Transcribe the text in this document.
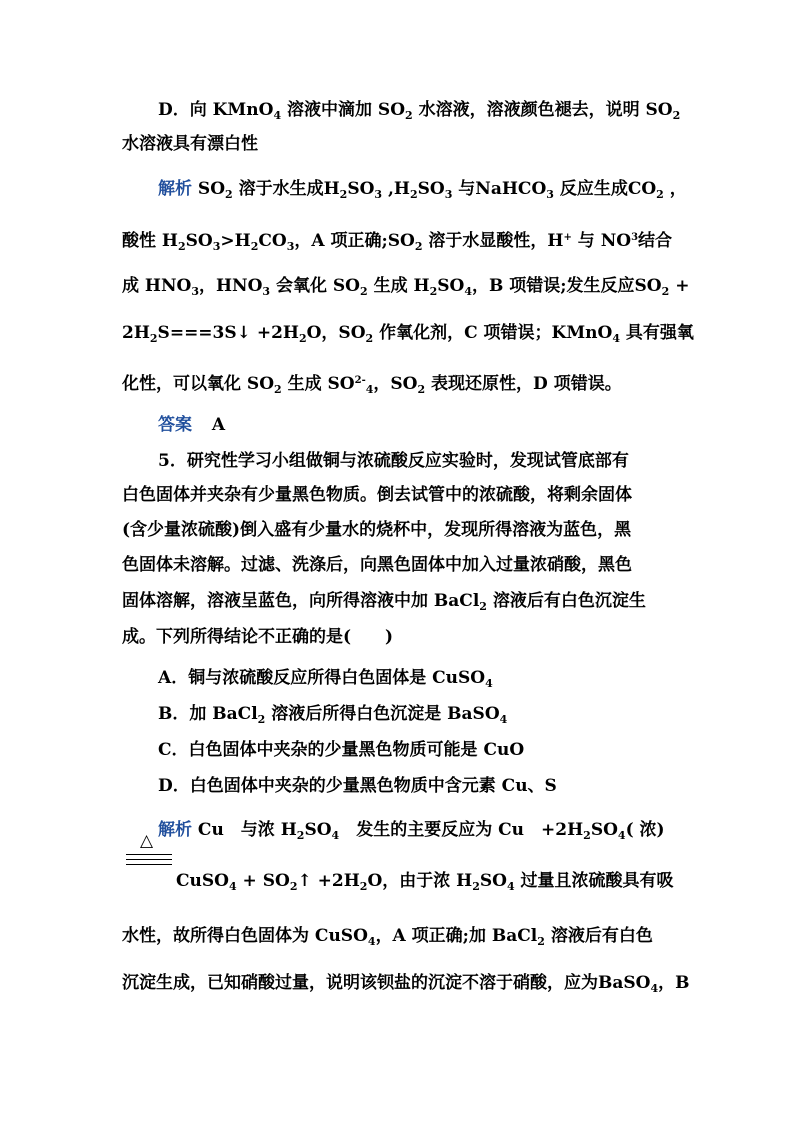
D．向 KMnO$_4$ 溶液中滴加 $SO_2$ 水溶液，溶液颜色褪去，说明 $SO_2$
水溶液具有漂白性
解析 $SO_2$ 溶于水生成$H_2SO_3$ $,H_2SO_3$ 与NaHCO$_3$ 反应生成$CO_2$ ，
酸性 $H_2SO_3>H_2CO_3$，A 项正确$;SO_2$ 溶于水显酸性，H+ 与 $NO^3$结合
成 $HNO_3$，$HNO_3$ 会氧化 $SO_2$ 生成 $H_2SO_4$，B 项错误;发生反应$SO_2$ +
$2H_2S===3S↓ +2H_2O$，$SO_2$ 作氧化剂，C 项错误；KMnO$_4$ 具有强氧
化性，可以氧化 $SO_2$ 生成 $SO^{2-}_4$，$SO_2$ 表现还原性，D 项错误。
答案 A
5．研究性学习小组做铜与浓硫酸反应实验时，发现试管底部有
白色固体并夹杂有少量黑色物质。倒去试管中的浓硫酸，将剩余固体
(含少量浓硫酸)倒入盛有少量水的烧杯中，发现所得溶液为蓝色，黑
色固体未溶解。过滤、洗涤后，向黑色固体中加入过量浓硝酸，黑色
固体溶解，溶液呈蓝色，向所得溶液中加 BaCl$_2$ 溶液后有白色沉淀生
成。下列所得结论不正确的是(　　)
A．铜与浓硫酸反应所得白色固体是 CuSO$_4$
B．加 BaCl$_2$ 溶液后所得白色沉淀是 BaSO$_4$
C．白色固体中夹杂的少量黑色物质可能是 CuO
D．白色固体中夹杂的少量黑色物质中含元素 Cu、S
解析 Cu　与浓 $H_2SO_4$　发生的主要反应为 Cu　$+2H_2SO_4$( 浓)
△
CuSO$_4$ + $SO_2↑ +2H_2O$，由于浓 $H_2SO_4$ 过量且浓硫酸具有吸
水性，故所得白色固体为 CuSO$_4$，A 项正确;加 BaCl$_2$ 溶液后有白色
沉淀生成，已知硝酸过量，说明该钡盐的沉淀不溶于硝酸，应为BaSO$_4$，B
